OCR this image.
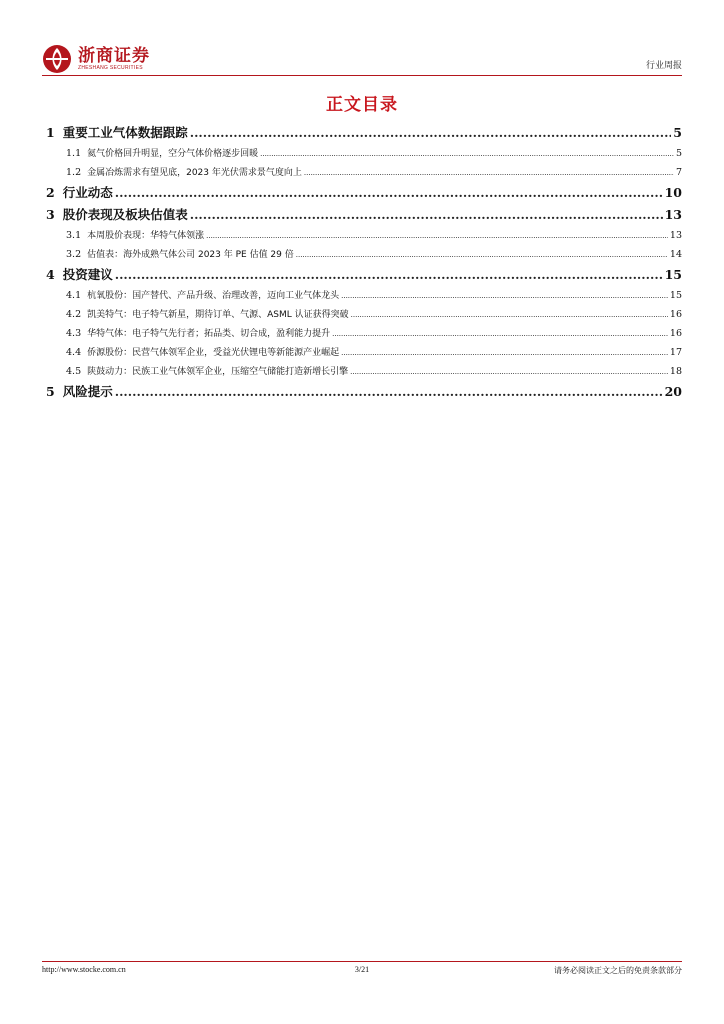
浙商证券
ZHESHANG SECURITIES	行业周报
正文目录
1 重要工业气体数据跟踪 .....	5
1.1 氦气价格回升明显，空分气体价格逐步回暖 .....	5
1.2 金属冶炼需求有望见底，2023 年光伏需求景气度向上 .....	7
2 行业动态 .....	10
3 股价表现及板块估值表 .....	13
3.1 本周股价表现：华特气体领涨 .....	13
3.2 估值表：海外成熟气体公司 2023 年 PE 估值 29 倍 .....	14
4 投资建议 .....	15
4.1 杭氧股份：国产替代、产品升级、治理改善，迈向工业气体龙头 .....	15
4.2 凯美特气：电子特气新星，期待订单、气源、ASML 认证获得突破 .....	16
4.3 华特气体：电子特气先行者；拓品类、切合成，盈利能力提升 .....	16
4.4 侨源股份：民营气体领军企业，受益光伏锂电等新能源产业崛起 .....	17
4.5 陕鼓动力：民族工业气体领军企业，压缩空气储能打造新增长引擎 .....	18
5 风险提示 .....	20
http://www.stocke.com.cn	3/21	请务必阅读正文之后的免责条款部分
